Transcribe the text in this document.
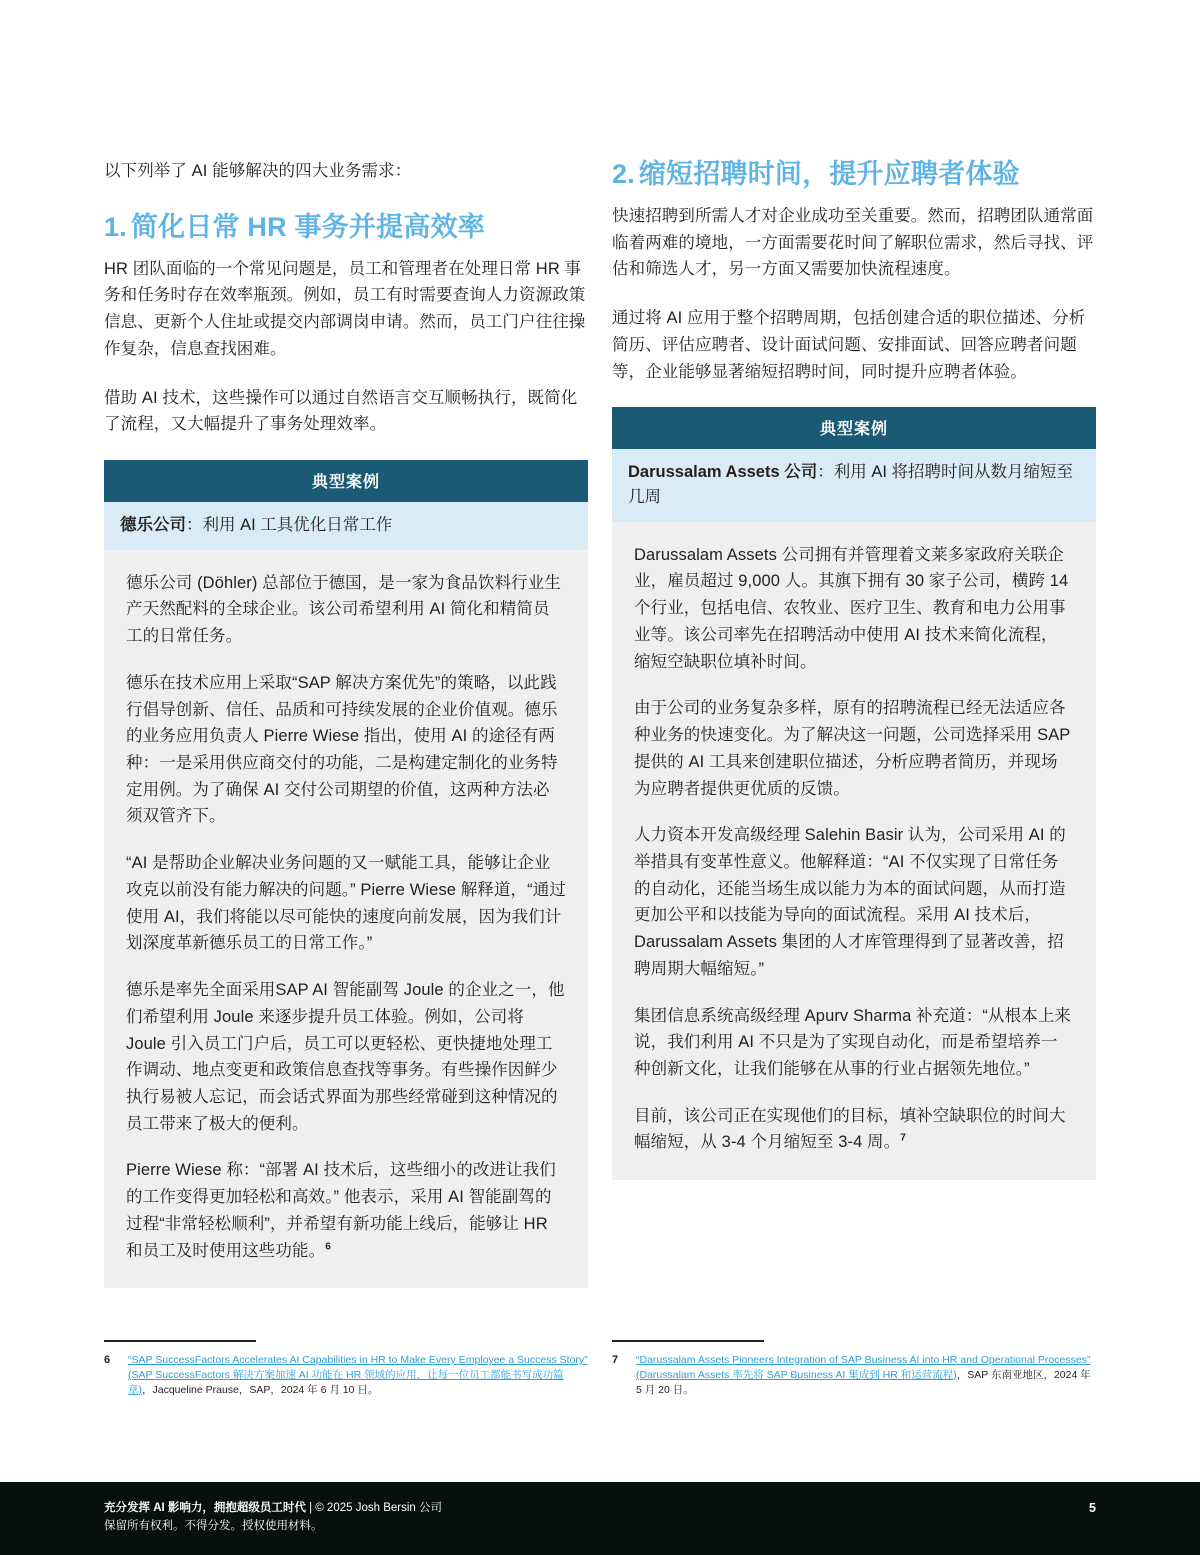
以下列举了 AI 能够解决的四大业务需求：

1. 简化日常 HR 事务并提高效率

HR 团队面临的一个常见问题是，员工和管理者在处理日常 HR 事务和任务时存在效率瓶颈。例如，员工有时需要查询人力资源政策信息、更新个人住址或提交内部调岗申请。然而，员工门户往往操作复杂，信息查找困难。

借助 AI 技术，这些操作可以通过自然语言交互顺畅执行，既简化了流程，又大幅提升了事务处理效率。

典型案例
德乐公司：利用 AI 工具优化日常工作

德乐公司 (Döhler) 总部位于德国，是一家为食品饮料行业生产天然配料的全球企业。该公司希望利用 AI 简化和精简员工的日常任务。

德乐在技术应用上采取“SAP 解决方案优先”的策略，以此践行倡导创新、信任、品质和可持续发展的企业价值观。德乐的业务应用负责人 Pierre Wiese 指出，使用 AI 的途径有两种：一是采用供应商交付的功能，二是构建定制化的业务特定用例。为了确保 AI 交付公司期望的价值，这两种方法必须双管齐下。

“AI 是帮助企业解决业务问题的又一赋能工具，能够让企业攻克以前没有能力解决的问题。” Pierre Wiese 解释道，“通过使用 AI，我们将能以尽可能快的速度向前发展，因为我们计划深度革新德乐员工的日常工作。”

德乐是率先全面采用SAP AI 智能副驾 Joule 的企业之一，他们希望利用 Joule 来逐步提升员工体验。例如，公司将 Joule 引入员工门户后，员工可以更轻松、更快捷地处理工作调动、地点变更和政策信息查找等事务。有些操作因鲜少执行易被人忘记，而会话式界面为那些经常碰到这种情况的员工带来了极大的便利。

Pierre Wiese 称：“部署 AI 技术后，这些细小的改进让我们的工作变得更加轻松和高效。” 他表示，采用 AI 智能副驾的过程“非常轻松顺利”，并希望有新功能上线后，能够让 HR 和员工及时使用这些功能。$^6$

2. 缩短招聘时间，提升应聘者体验

快速招聘到所需人才对企业成功至关重要。然而，招聘团队通常面临着两难的境地，一方面需要花时间了解职位需求，然后寻找、评估和筛选人才，另一方面又需要加快流程速度。

通过将 AI 应用于整个招聘周期，包括创建合适的职位描述、分析简历、评估应聘者、设计面试问题、安排面试、回答应聘者问题等，企业能够显著缩短招聘时间，同时提升应聘者体验。

典型案例
Darussalam Assets 公司：利用 AI 将招聘时间从数月缩短至几周

Darussalam Assets 公司拥有并管理着文莱多家政府关联企业，雇员超过 9,000 人。其旗下拥有 30 家子公司，横跨 14 个行业，包括电信、农牧业、医疗卫生、教育和电力公用事业等。该公司率先在招聘活动中使用 AI 技术来简化流程，缩短空缺职位填补时间。

由于公司的业务复杂多样，原有的招聘流程已经无法适应各种业务的快速变化。为了解决这一问题，公司选择采用 SAP 提供的 AI 工具来创建职位描述，分析应聘者简历，并现场为应聘者提供更优质的反馈。

人力资本开发高级经理 Salehin Basir 认为，公司采用 AI 的举措具有变革性意义。他解释道：“AI 不仅实现了日常任务的自动化，还能当场生成以能力为本的面试问题，从而打造更加公平和以技能为导向的面试流程。采用 AI 技术后，Darussalam Assets 集团的人才库管理得到了显著改善，招聘周期大幅缩短。”

集团信息系统高级经理 Apurv Sharma 补充道：“从根本上来说，我们利用 AI 不只是为了实现自动化，而是希望培养一种创新文化，让我们能够在从事的行业占据领先地位。”

目前，该公司正在实现他们的目标，填补空缺职位的时间大幅缩短，从 3-4 个月缩短至 3-4 周。$^7$

6	“SAP SuccessFactors Accelerates AI Capabilities in HR to Make Every Employee a Success Story” (SAP SuccessFactors 解决方案加速 AI 功能在 HR 领域的应用，让每一位员工都能书写成功篇章)，Jacqueline Prause，SAP，2024 年 6 月 10 日。
7	“Darussalam Assets Pioneers Integration of SAP Business AI into HR and Operational Processes” (Darussalam Assets 率先将 SAP Business AI 集成到 HR 和运营流程)，SAP 东南亚地区，2024 年 5 月 20 日。
充分发挥 AI 影响力，拥抱超级员工时代 | © 2025 Josh Bersin 公司
保留所有权利。不得分发。授权使用材料。
5
